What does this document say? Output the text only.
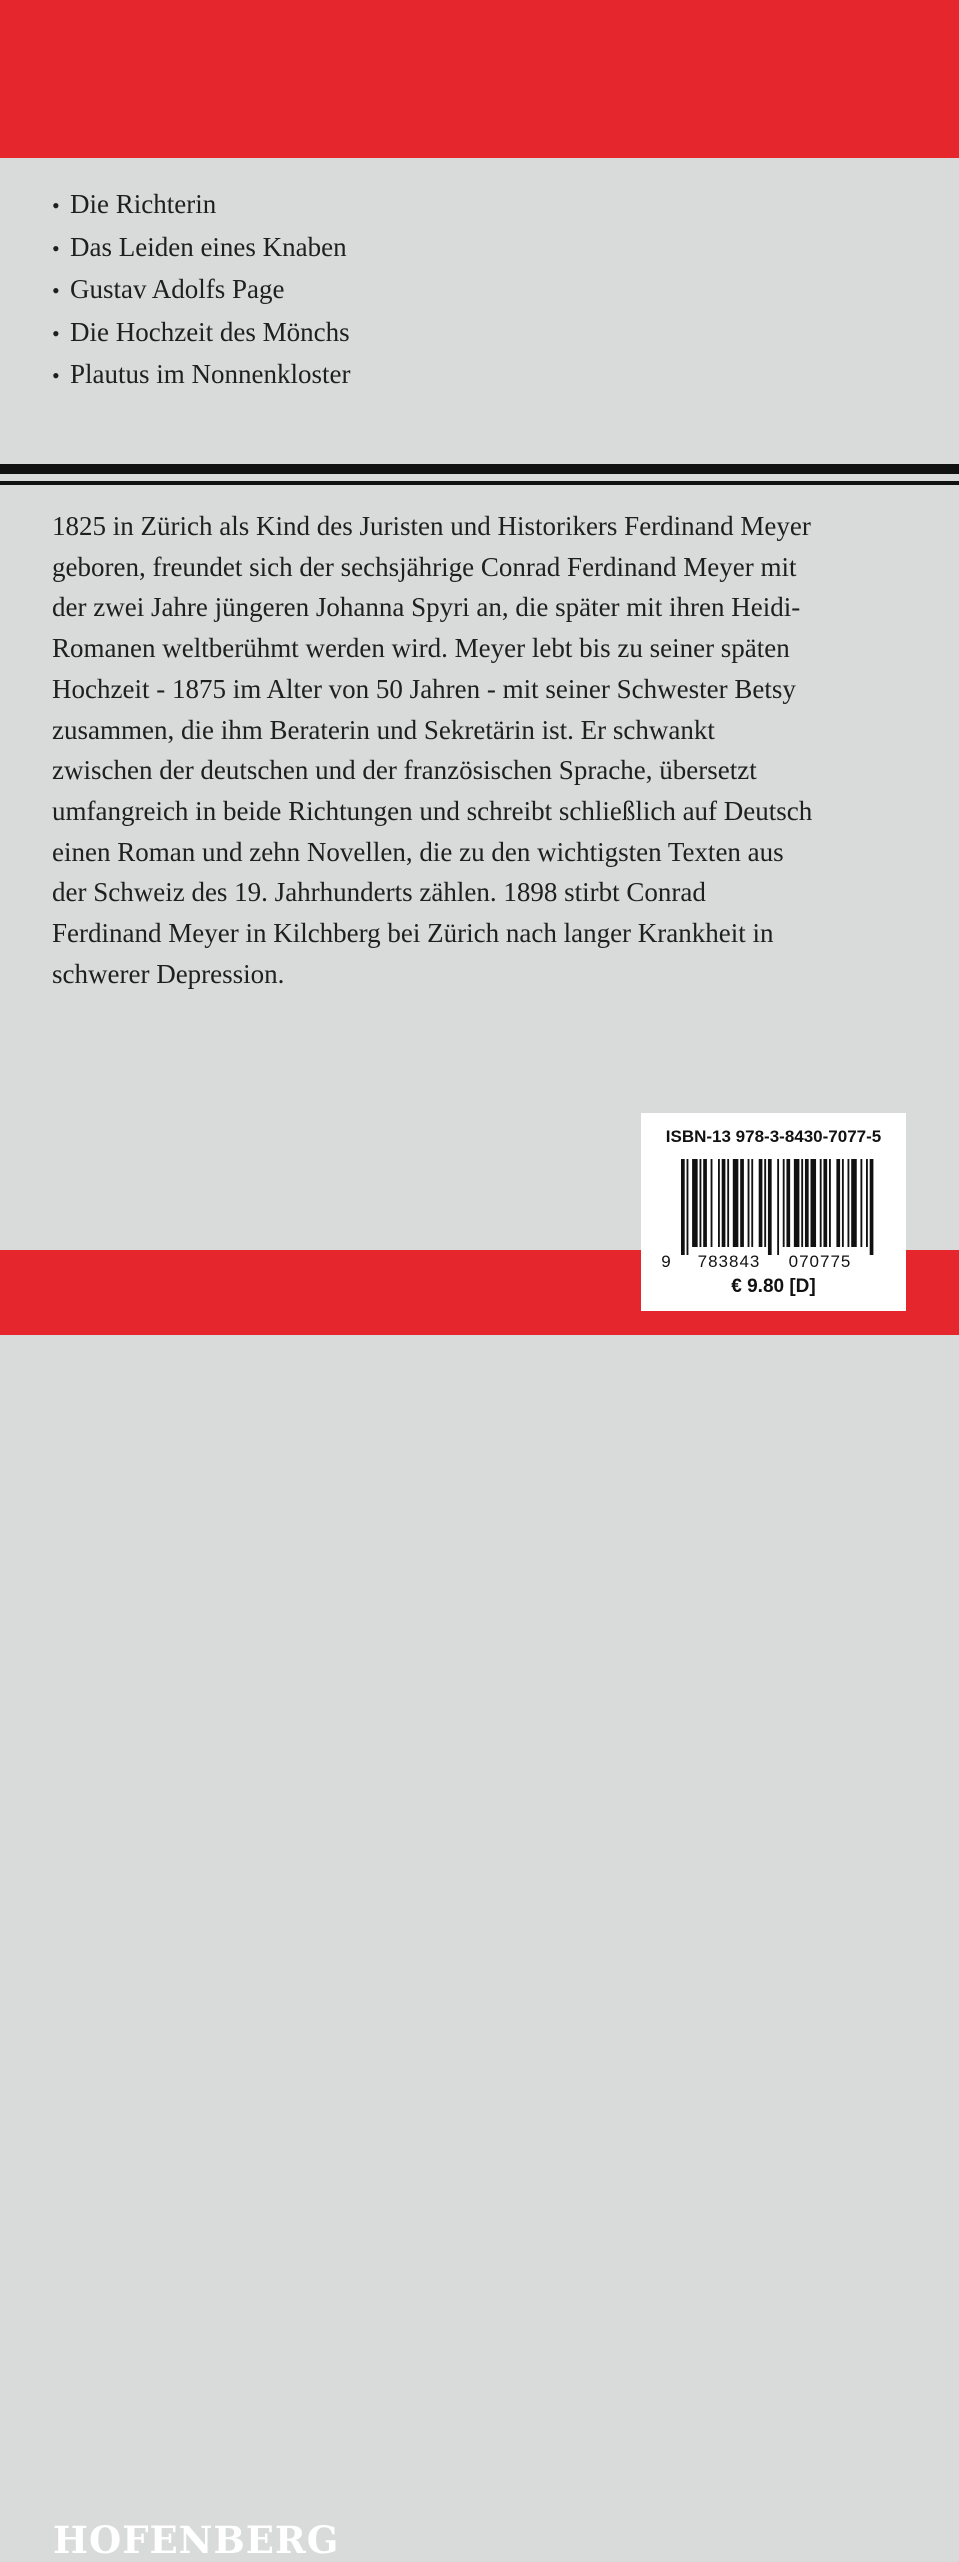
• Die Richterin
• Das Leiden eines Knaben
• Gustav Adolfs Page
• Die Hochzeit des Mönchs
• Plautus im Nonnenkloster

1825 in Zürich als Kind des Juristen und Historikers Ferdinand Meyer
geboren, freundet sich der sechsjährige Conrad Ferdinand Meyer mit
der zwei Jahre jüngeren Johanna Spyri an, die später mit ihren Heidi-
Romanen weltberühmt werden wird. Meyer lebt bis zu seiner späten
Hochzeit - 1875 im Alter von 50 Jahren - mit seiner Schwester Betsy
zusammen, die ihm Beraterin und Sekretärin ist. Er schwankt
zwischen der deutschen und der französischen Sprache, übersetzt
umfangreich in beide Richtungen und schreibt schließlich auf Deutsch
einen Roman und zehn Novellen, die zu den wichtigsten Texten aus
der Schweiz des 19. Jahrhunderts zählen. 1898 stirbt Conrad
Ferdinand Meyer in Kilchberg bei Zürich nach langer Krankheit in
schwerer Depression.

HOFENBERG
ISBN-13 978-3-8430-7077-5
9 783843 070775
€ 9.80 [D]
